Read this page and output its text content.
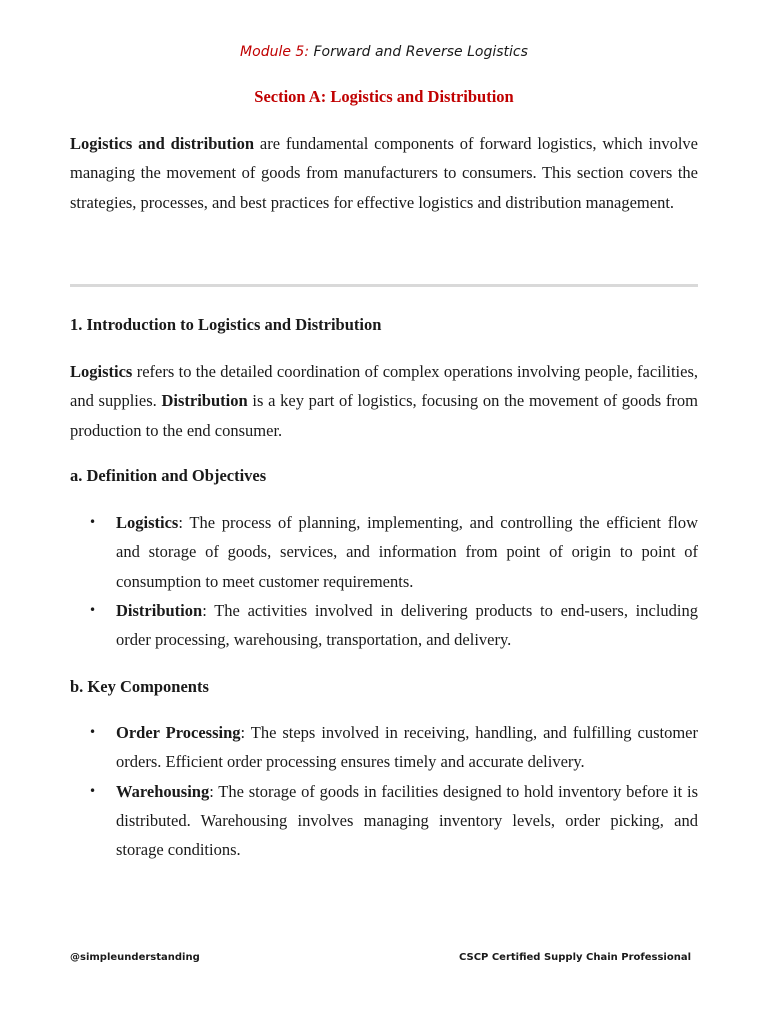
Module 5: Forward and Reverse Logistics
Section A: Logistics and Distribution
Logistics and distribution are fundamental components of forward logistics, which involve managing the movement of goods from manufacturers to consumers. This section covers the strategies, processes, and best practices for effective logistics and distribution management.
1. Introduction to Logistics and Distribution
Logistics refers to the detailed coordination of complex operations involving people, facilities, and supplies. Distribution is a key part of logistics, focusing on the movement of goods from production to the end consumer.
a. Definition and Objectives
• Logistics: The process of planning, implementing, and controlling the efficient flow and storage of goods, services, and information from point of origin to point of consumption to meet customer requirements.
• Distribution: The activities involved in delivering products to end-users, including order processing, warehousing, transportation, and delivery.
b. Key Components
• Order Processing: The steps involved in receiving, handling, and fulfilling customer orders. Efficient order processing ensures timely and accurate delivery.
• Warehousing: The storage of goods in facilities designed to hold inventory before it is distributed. Warehousing involves managing inventory levels, order picking, and storage conditions.
@simpleunderstanding	CSCP Certified Supply Chain Professional
